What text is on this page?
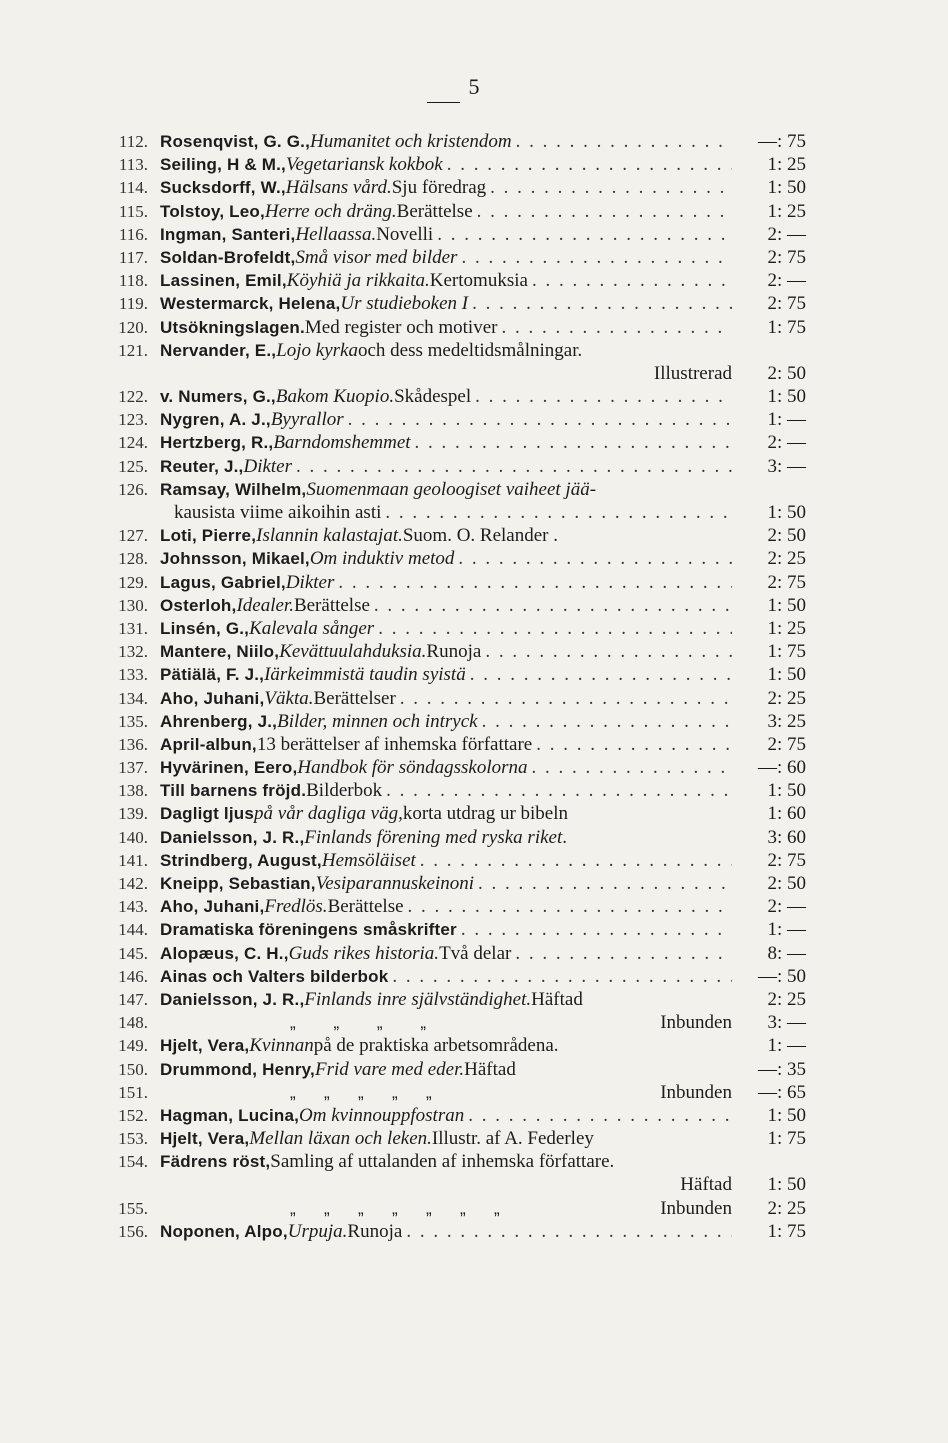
5
112. Rosenqvist, G. G., Humanitet och kristendom . . .	—: 75
113. Seiling, H & M., Vegetariansk kokbok . . .	1: 25
114. Sucksdorff, W., Hälsans vård. Sju föredrag . . .	1: 50
115. Tolstoy, Leo, Herre och dräng. Berättelse . . .	1: 25
116. Ingman, Santeri, Hellaassa. Novelli . . .	2: —
117. Soldan-Brofeldt, Små visor med bilder . . .	2: 75
118. Lassinen, Emil, Köyhiä ja rikkaita. Kertomuksia . . .	2: —
119. Westermarck, Helena, Ur studieboken I . . .	2: 75
120. Utsökningslagen. Med register och motiver . . .	1: 75
121. Nervander, E., Lojo kyrka och dess medeltidsmålningar.
Illustrerad	2: 50
122. v. Numers, G., Bakom Kuopio. Skådespel . . .	1: 50
123. Nygren, A. J., Byyrallor . . .	1: —
124. Hertzberg, R., Barndomshemmet . . .	2: —
125. Reuter, J., Dikter . . .	3: —
126. Ramsay, Wilhelm, Suomenmaan geoloogiset vaiheet jää-
kausista viime aikoihin asti . . .	1: 50
127. Loti, Pierre, Islannin kalastajat. Suom. O. Relander .	2: 50
128. Johnsson, Mikael, Om induktiv metod . . .	2: 25
129. Lagus, Gabriel, Dikter . . .	2: 75
130. Osterloh, Idealer. Berättelse . . .	1: 50
131. Linsén, G., Kalevala sånger . . .	1: 25
132. Mantere, Niilo, Kevättuulahduksia. Runoja . . .	1: 75
133. Pätiälä, F. J., Iärkeimmistä taudin syistä . . .	1: 50
134. Aho, Juhani, Väkta. Berättelser . . .	2: 25
135. Ahrenberg, J., Bilder, minnen och intryck . . .	3: 25
136. April-albun, 13 berättelser af inhemska författare . . .	2: 75
137. Hyvärinen, Eero, Handbok för söndagsskolorna . . .	—: 60
138. Till barnens fröjd. Bilderbok . . .	1: 50
139. Dagligt ljus på vår dagliga väg, korta utdrag ur bibeln	1: 60
140. Danielsson, J. R., Finlands förening med ryska riket .	3: 60
141. Strindberg, August, Hemsöläiset . . .	2: 75
142. Kneipp, Sebastian, Vesiparannuskeinoni . . .	2: 50
143. Aho, Juhani, Fredlös. Berättelse . . .	2: —
144. Dramatiska föreningens småskrifter . . .	1: —
145. Alopæus, C. H., Guds rikes historia. Två delar . . .	8: —
146. Ainas och Valters bilderbok . . .	—: 50
147. Danielsson, J. R., Finlands inre självständighet. Häftad	2: 25
148.	„        „        „        „	Inbunden	3: —
149. Hjelt, Vera, Kvinnan på de praktiska arbetsområdena.	1: —
150. Drummond, Henry, Frid vare med eder. Häftad	—: 35
151.	„      „      „      „      „	Inbunden	—: 65
152. Hagman, Lucina, Om kvinnouppfostran . . .	1: 50
153. Hjelt, Vera, Mellan läxan och leken. Illustr. af A. Federley	1: 75
154. Fädrens röst, Samling af uttalanden af inhemska författare.
Häftad	1: 50
155.	„      „      „      „      „      „      „	Inbunden	2: 25
156. Noponen, Alpo, Urpuja. Runoja . . .	1: 75
